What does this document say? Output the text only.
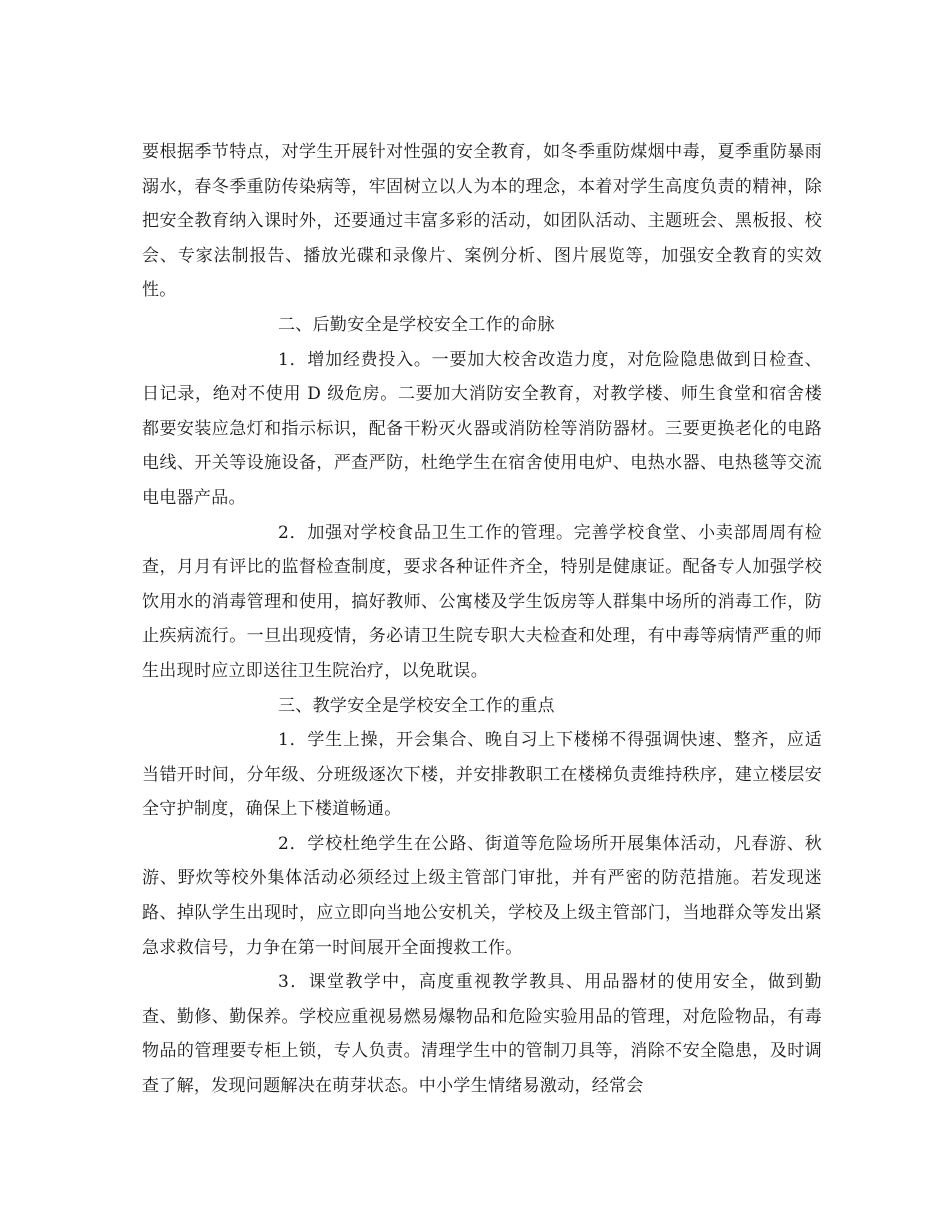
要根据季节特点，对学生开展针对性强的安全教育，如冬季重防煤烟中毒，夏季重防暴雨溺水，春冬季重防传染病等，牢固树立以人为本的理念，本着对学生高度负责的精神，除把安全教育纳入课时外，还要通过丰富多彩的活动，如团队活动、主题班会、黑板报、校会、专家法制报告、播放光碟和录像片、案例分析、图片展览等，加强安全教育的实效性。

二、后勤安全是学校安全工作的命脉

1．增加经费投入。一要加大校舍改造力度，对危险隐患做到日检查、日记录，绝对不使用 D 级危房。二要加大消防安全教育，对教学楼、师生食堂和宿舍楼都要安装应急灯和指示标识，配备干粉灭火器或消防栓等消防器材。三要更换老化的电路电线、开关等设施设备，严查严防，杜绝学生在宿舍使用电炉、电热水器、电热毯等交流电电器产品。

2．加强对学校食品卫生工作的管理。完善学校食堂、小卖部周周有检查，月月有评比的监督检查制度，要求各种证件齐全，特别是健康证。配备专人加强学校饮用水的消毒管理和使用，搞好教师、公寓楼及学生饭房等人群集中场所的消毒工作，防止疾病流行。一旦出现疫情，务必请卫生院专职大夫检查和处理，有中毒等病情严重的师生出现时应立即送往卫生院治疗，以免耽误。

三、教学安全是学校安全工作的重点

1．学生上操，开会集合、晚自习上下楼梯不得强调快速、整齐，应适当错开时间，分年级、分班级逐次下楼，并安排教职工在楼梯负责维持秩序，建立楼层安全守护制度，确保上下楼道畅通。

2．学校杜绝学生在公路、街道等危险场所开展集体活动，凡春游、秋游、野炊等校外集体活动必须经过上级主管部门审批，并有严密的防范措施。若发现迷路、掉队学生出现时，应立即向当地公安机关，学校及上级主管部门，当地群众等发出紧急求救信号，力争在第一时间展开全面搜救工作。

3．课堂教学中，高度重视教学教具、用品器材的使用安全，做到勤查、勤修、勤保养。学校应重视易燃易爆物品和危险实验用品的管理，对危险物品，有毒物品的管理要专柜上锁，专人负责。清理学生中的管制刀具等，消除不安全隐患，及时调查了解，发现问题解决在萌芽状态。中小学生情绪易激动，经常会
